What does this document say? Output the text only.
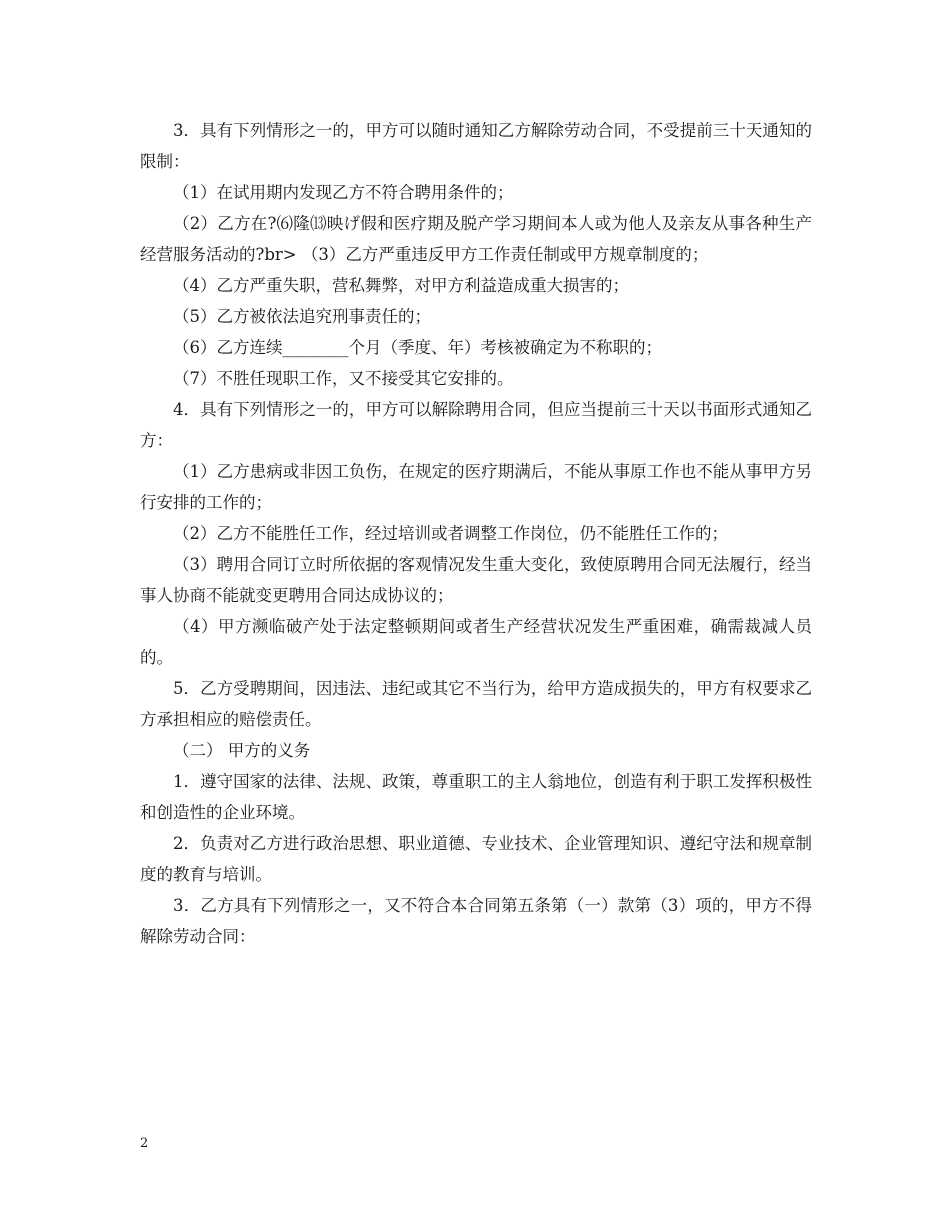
3．具有下列情形之一的，甲方可以随时通知乙方解除劳动合同，不受提前三十天通知的限制：

（1）在试用期内发现乙方不符合聘用条件的；

（2）乙方在?⑹隆⒀映げ假和医疗期及脱产学习期间本人或为他人及亲友从事各种生产经营服务活动的?br> （3）乙方严重违反甲方工作责任制或甲方规章制度的；

（4）乙方严重失职，营私舞弊，对甲方利益造成重大损害的；

（5）乙方被依法追究刑事责任的；

（6）乙方连续________个月（季度、年）考核被确定为不称职的；

（7）不胜任现职工作，又不接受其它安排的。

4．具有下列情形之一的，甲方可以解除聘用合同，但应当提前三十天以书面形式通知乙方：

（1）乙方患病或非因工负伤，在规定的医疗期满后，不能从事原工作也不能从事甲方另行安排的工作的；

（2）乙方不能胜任工作，经过培训或者调整工作岗位，仍不能胜任工作的；

（3）聘用合同订立时所依据的客观情况发生重大变化，致使原聘用合同无法履行，经当事人协商不能就变更聘用合同达成协议的；

（4）甲方濒临破产处于法定整顿期间或者生产经营状况发生严重困难，确需裁减人员的。

5．乙方受聘期间，因违法、违纪或其它不当行为，给甲方造成损失的，甲方有权要求乙方承担相应的赔偿责任。

（二） 甲方的义务

1．遵守国家的法律、法规、政策，尊重职工的主人翁地位，创造有利于职工发挥积极性和创造性的企业环境。

2．负责对乙方进行政治思想、职业道德、专业技术、企业管理知识、遵纪守法和规章制度的教育与培训。

3．乙方具有下列情形之一，又不符合本合同第五条第（一）款第（3）项的，甲方不得解除劳动合同：

2
